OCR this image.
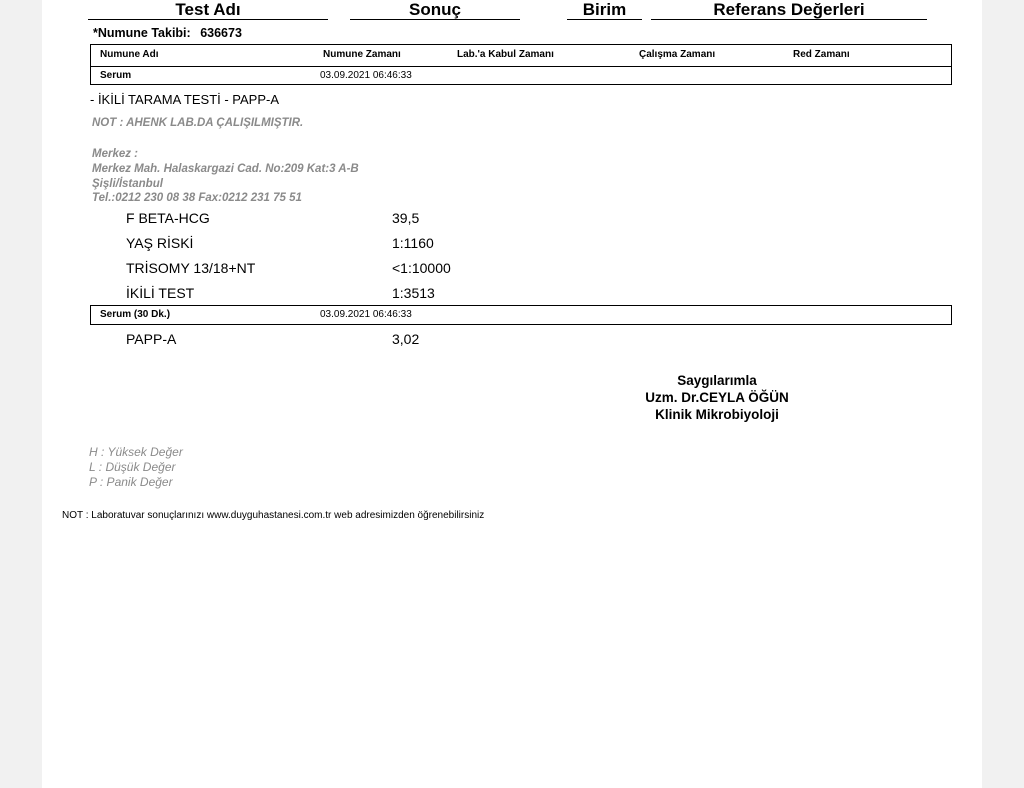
Test Adı	Sonuç	Birim	Referans Değerleri
*Numune Takibi: 636673
Numune Adı	Numune Zamanı	Lab.'a Kabul Zamanı	Çalışma Zamanı	Red Zamanı
Serum	03.09.2021 06:46:33
- İKİLİ TARAMA TESTİ - PAPP-A
NOT : AHENK LAB.DA ÇALIŞILMIŞTIR.
Merkez :
Merkez Mah. Halaskargazi Cad. No:209 Kat:3 A-B
Şişli/İstanbul
Tel.:0212 230 08 38 Fax:0212 231 75 51
F BETA-HCG	39,5
YAŞ RİSKİ	1:1160
TRİSOMY 13/18+NT	<1:10000
İKİLİ TEST	1:3513
Serum (30 Dk.)	03.09.2021 06:46:33
PAPP-A	3,02
Saygılarımla
Uzm. Dr.CEYLA ÖĞÜN
Klinik Mikrobiyoloji
H : Yüksek Değer
L : Düşük Değer
P : Panik Değer
NOT : Laboratuvar sonuçlarınızı www.duyguhastanesi.com.tr web adresimizden öğrenebilirsiniz
